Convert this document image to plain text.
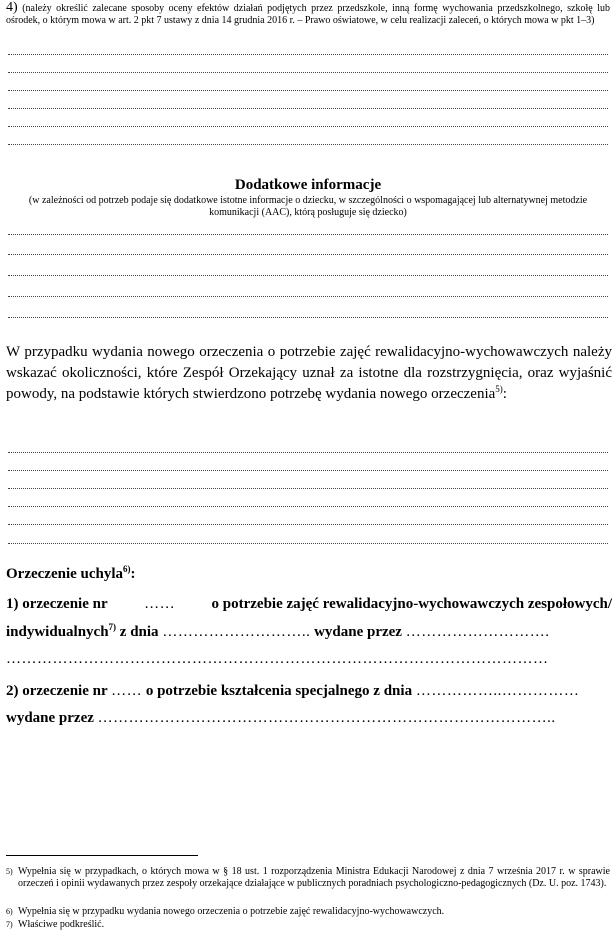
4) (należy określić zalecane sposoby oceny efektów działań podjętych przez przedszkole, inną formę wychowania przedszkolnego, szkołę lub ośrodek, o którym mowa w art. 2 pkt 7 ustawy z dnia 14 grudnia 2016 r. – Prawo oświatowe, w celu realizacji zaleceń, o których mowa w pkt 1–3)
Dodatkowe informacje
(w zależności od potrzeb podaje się dodatkowe istotne informacje o dziecku, w szczególności o wspomagającej lub alternatywnej metodzie komunikacji (AAC), którą posługuje się dziecko)
W przypadku wydania nowego orzeczenia o potrzebie zajęć rewalidacyjno-wychowawczych należy wskazać okoliczności, które Zespół Orzekający uznał za istotne dla rozstrzygnięcia, oraz wyjaśnić powody, na podstawie których stwierdzono potrzebę wydania nowego orzeczenia$^{5)}$:
Orzeczenie uchyla$^{6)}$:
1) orzeczenie nr …… o potrzebie zajęć rewalidacyjno-wychowawczych zespołowych/
indywidualnych$^{7)}$ z dnia ……………………….. wydane przez ……………………….
……………………………………………………………………………………………
2) orzeczenie nr …… o potrzebie kształcenia specjalnego z dnia ……………..……………
wydane przez ……………………………………………………………………………..
5) Wypełnia się w przypadkach, o których mowa w § 18 ust. 1 rozporządzenia Ministra Edukacji Narodowej z dnia 7 września 2017 r. w sprawie orzeczeń i opinii wydawanych przez zespoły orzekające działające w publicznych poradniach psychologiczno-pedagogicznych (Dz. U. poz. 1743).
6) Wypełnia się w przypadku wydania nowego orzeczenia o potrzebie zajęć rewalidacyjno-wychowawczych.
7) Właściwe podkreślić.
